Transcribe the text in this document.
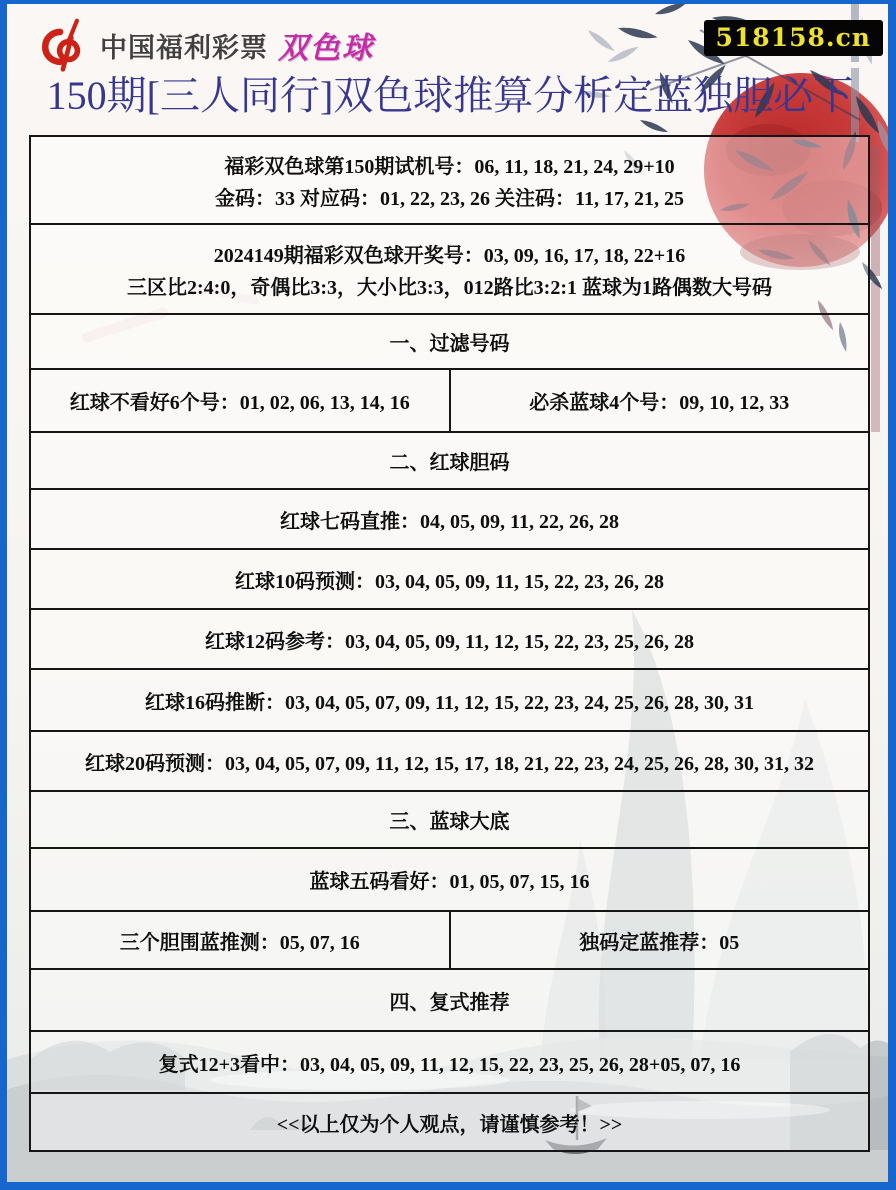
中国福利彩票 双色球	518158.cn
150期[三人同行]双色球推算分析定蓝独胆必下
福彩双色球第150期试机号：06, 11, 18, 21, 24, 29+10
金码：33 对应码：01, 22, 23, 26 关注码：11, 17, 21, 25
2024149期福彩双色球开奖号：03, 09, 16, 17, 18, 22+16
三区比2:4:0，奇偶比3:3，大小比3:3，012路比3:2:1 蓝球为1路偶数大号码
一、过滤号码
红球不看好6个号：01, 02, 06, 13, 14, 16	必杀蓝球4个号：09, 10, 12, 33
二、红球胆码
红球七码直推：04, 05, 09, 11, 22, 26, 28
红球10码预测：03, 04, 05, 09, 11, 15, 22, 23, 26, 28
红球12码参考：03, 04, 05, 09, 11, 12, 15, 22, 23, 25, 26, 28
红球16码推断：03, 04, 05, 07, 09, 11, 12, 15, 22, 23, 24, 25, 26, 28, 30, 31
红球20码预测：03, 04, 05, 07, 09, 11, 12, 15, 17, 18, 21, 22, 23, 24, 25, 26, 28, 30, 31, 32
三、蓝球大底
蓝球五码看好：01, 05, 07, 15, 16
三个胆围蓝推测：05, 07, 16	独码定蓝推荐：05
四、复式推荐
复式12+3看中：03, 04, 05, 09, 11, 12, 15, 22, 23, 25, 26, 28+05, 07, 16
<<以上仅为个人观点，请谨慎参考！>>
